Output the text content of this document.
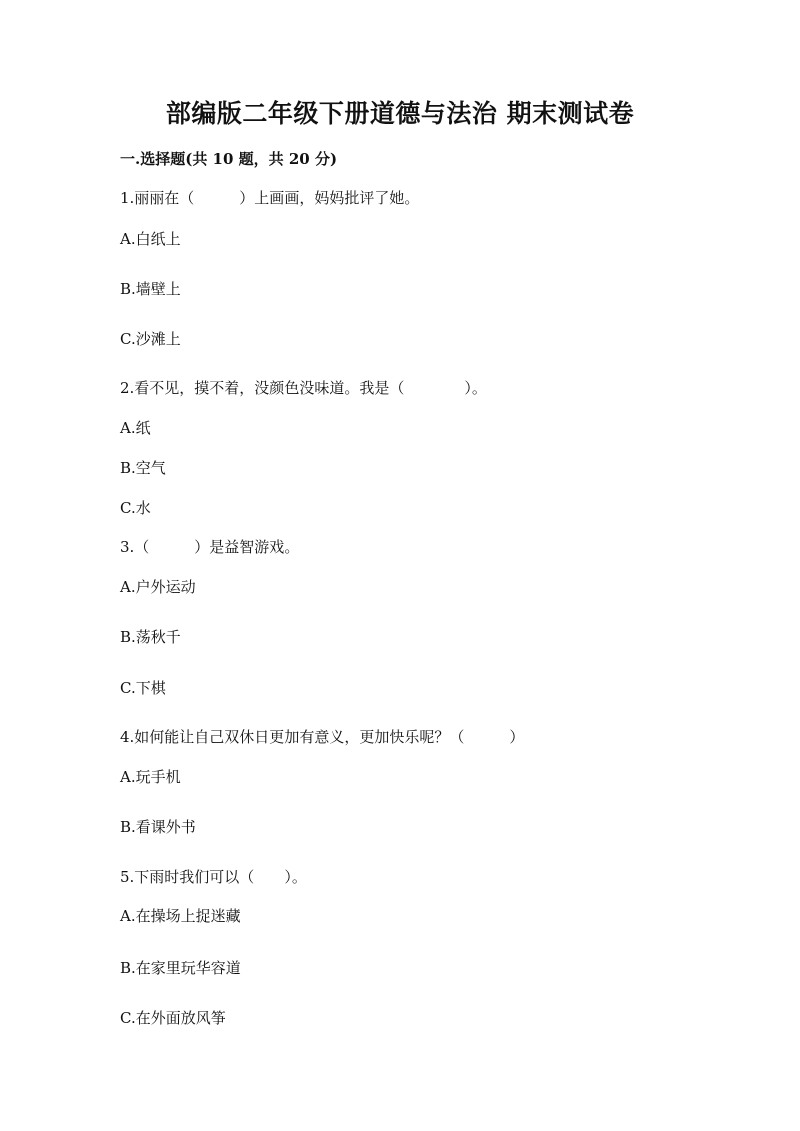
部编版二年级下册道德与法治 期末测试卷
一.选择题(共 10 题，共 20 分)
1.丽丽在（　　　）上画画，妈妈批评了她。
A.白纸上
B.墙壁上
C.沙滩上
2.看不见，摸不着，没颜色没味道。我是（　　　　）。
A.纸
B.空气
C.水
3.（　　　）是益智游戏。
A.户外运动
B.荡秋千
C.下棋
4.如何能让自己双休日更加有意义，更加快乐呢？（　　　）
A.玩手机
B.看课外书
5.下雨时我们可以（　　）。
A.在操场上捉迷藏
B.在家里玩华容道
C.在外面放风筝
